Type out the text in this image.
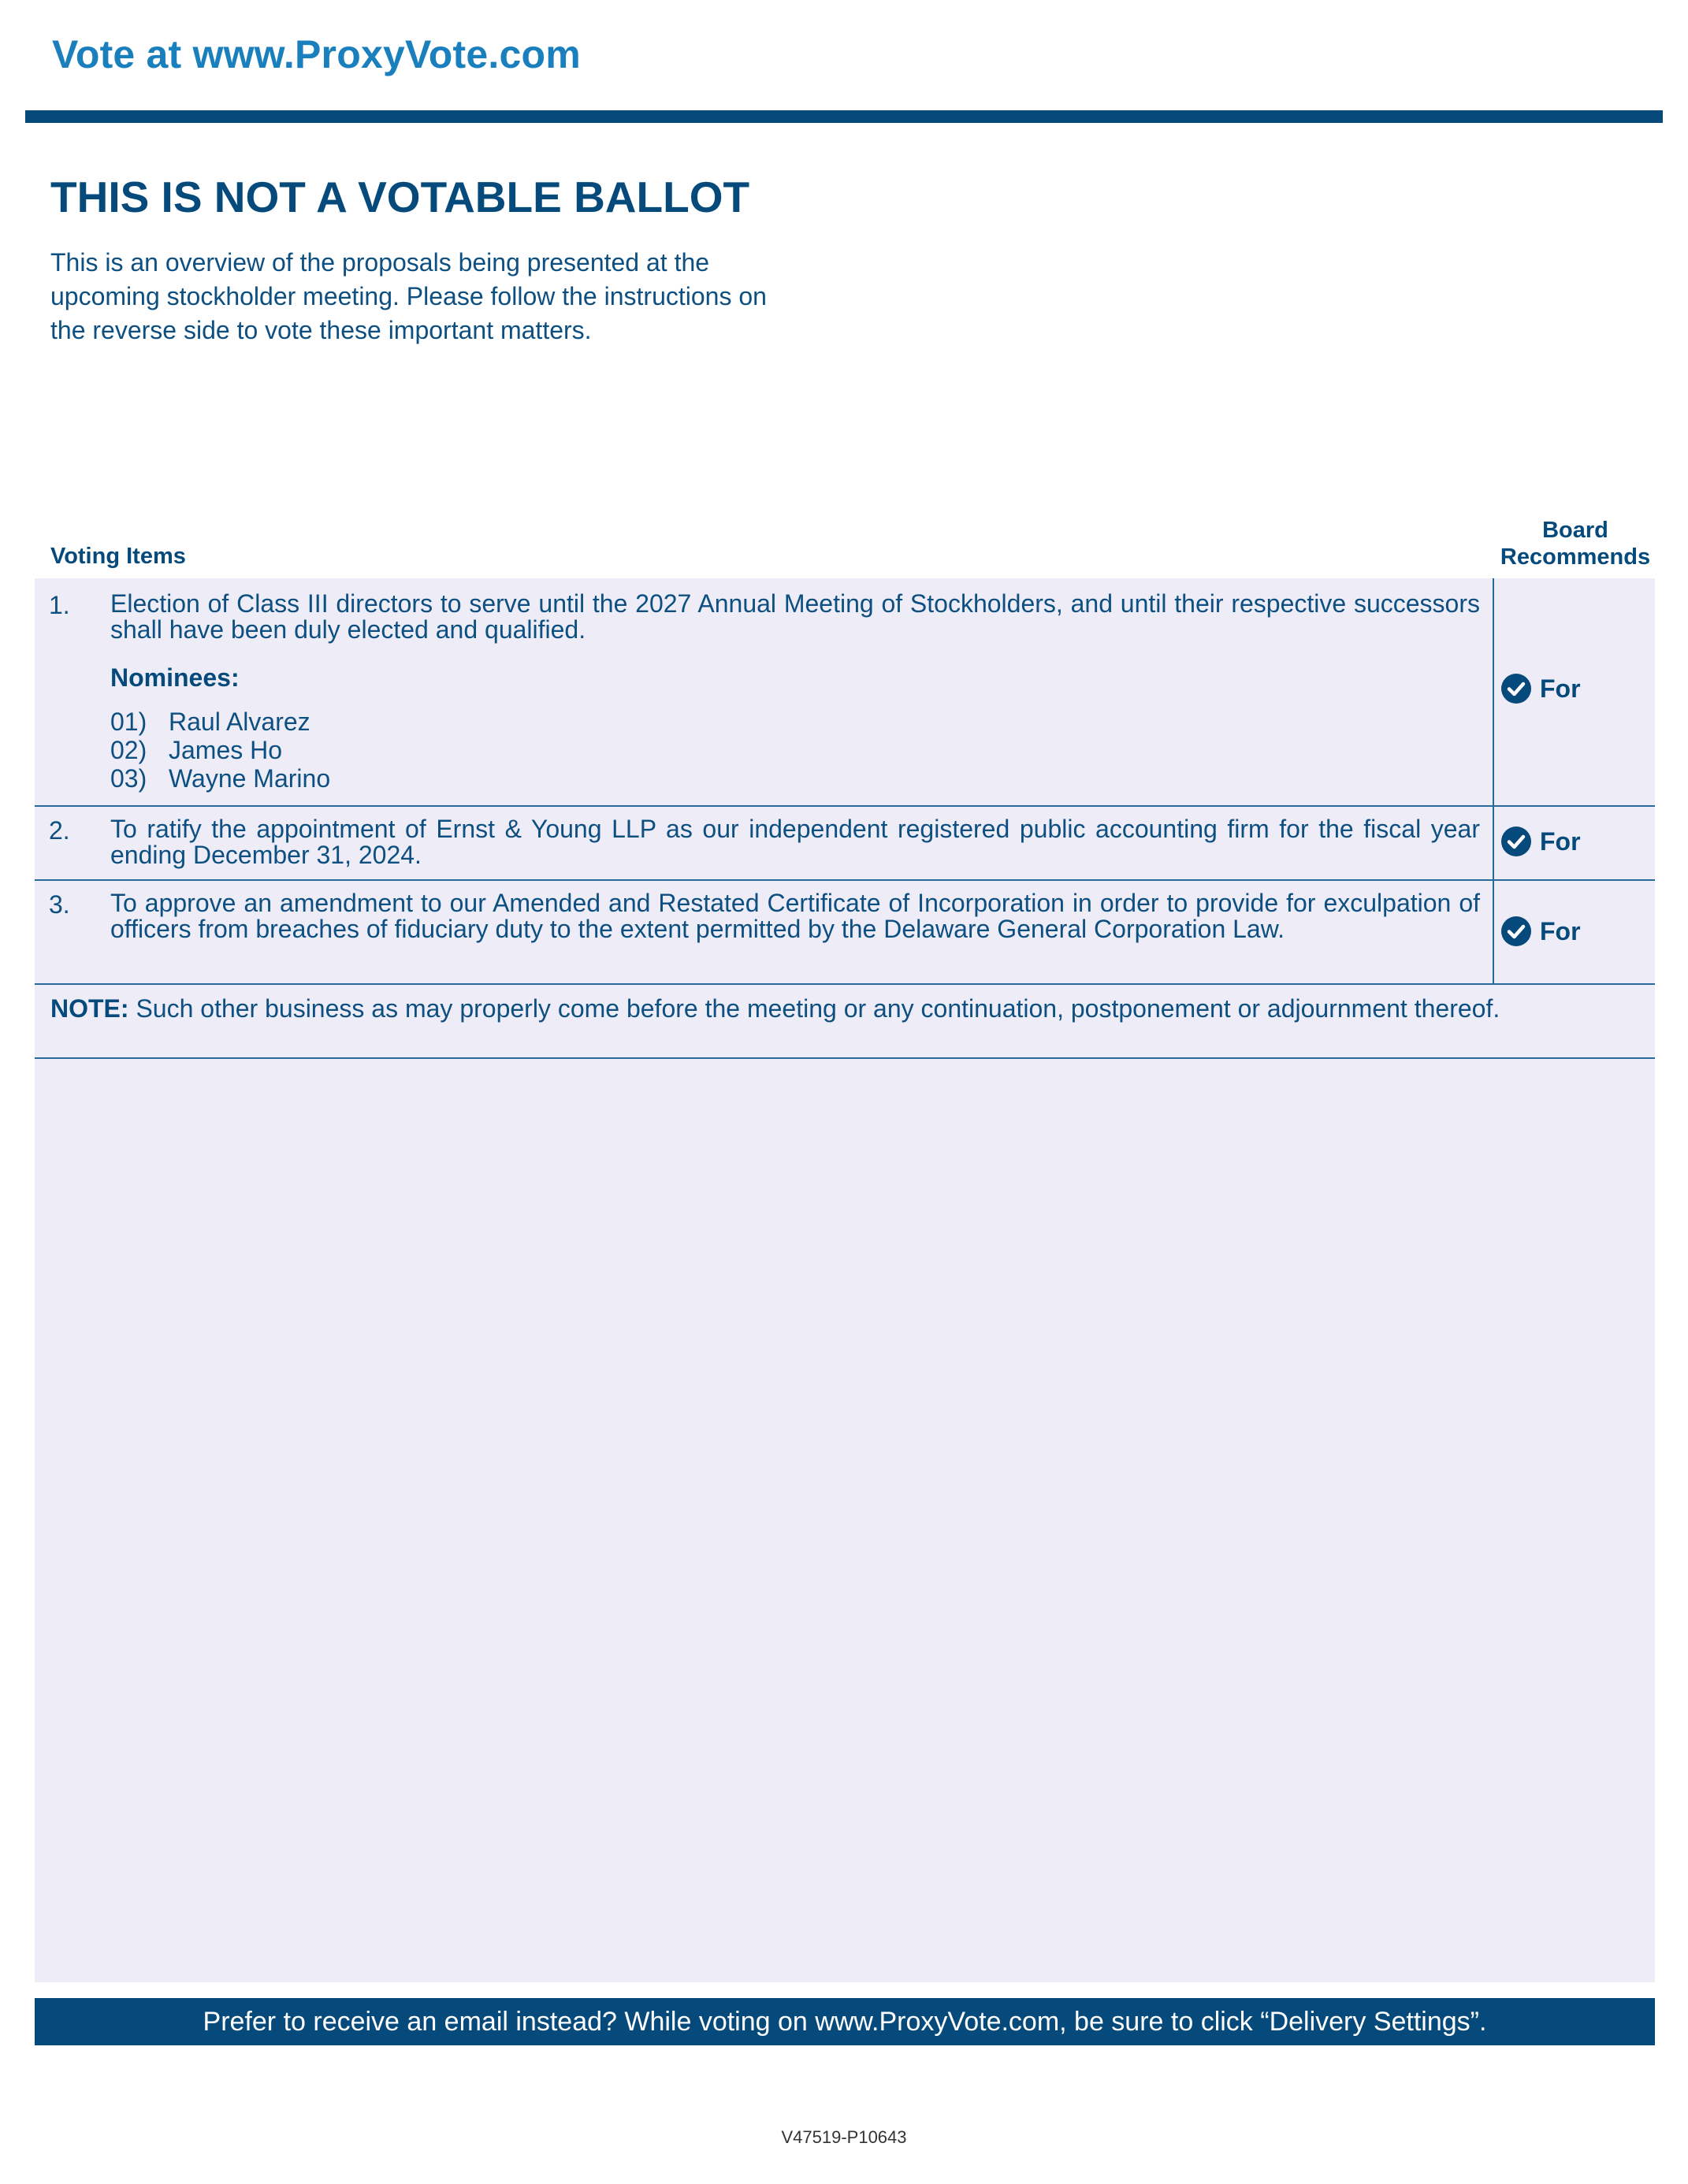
Vote at www.ProxyVote.com
THIS IS NOT A VOTABLE BALLOT
This is an overview of the proposals being presented at the
upcoming stockholder meeting. Please follow the instructions on
the reverse side to vote these important matters.
Voting Items
Board
Recommends
1. Election of Class III directors to serve until the 2027 Annual Meeting of Stockholders, and until their respective successors shall have been duly elected and qualified.
Nominees:
01) Raul Alvarez
02) James Ho
03) Wayne Marino
For
2. To ratify the appointment of Ernst & Young LLP as our independent registered public accounting firm for the fiscal year ending December 31, 2024.	For
3. To approve an amendment to our Amended and Restated Certificate of Incorporation in order to provide for exculpation of officers from breaches of fiduciary duty to the extent permitted by the Delaware General Corporation Law.	For
NOTE: Such other business as may properly come before the meeting or any continuation, postponement or adjournment thereof.
Prefer to receive an email instead? While voting on www.ProxyVote.com, be sure to click “Delivery Settings”.
V47519-P10643
